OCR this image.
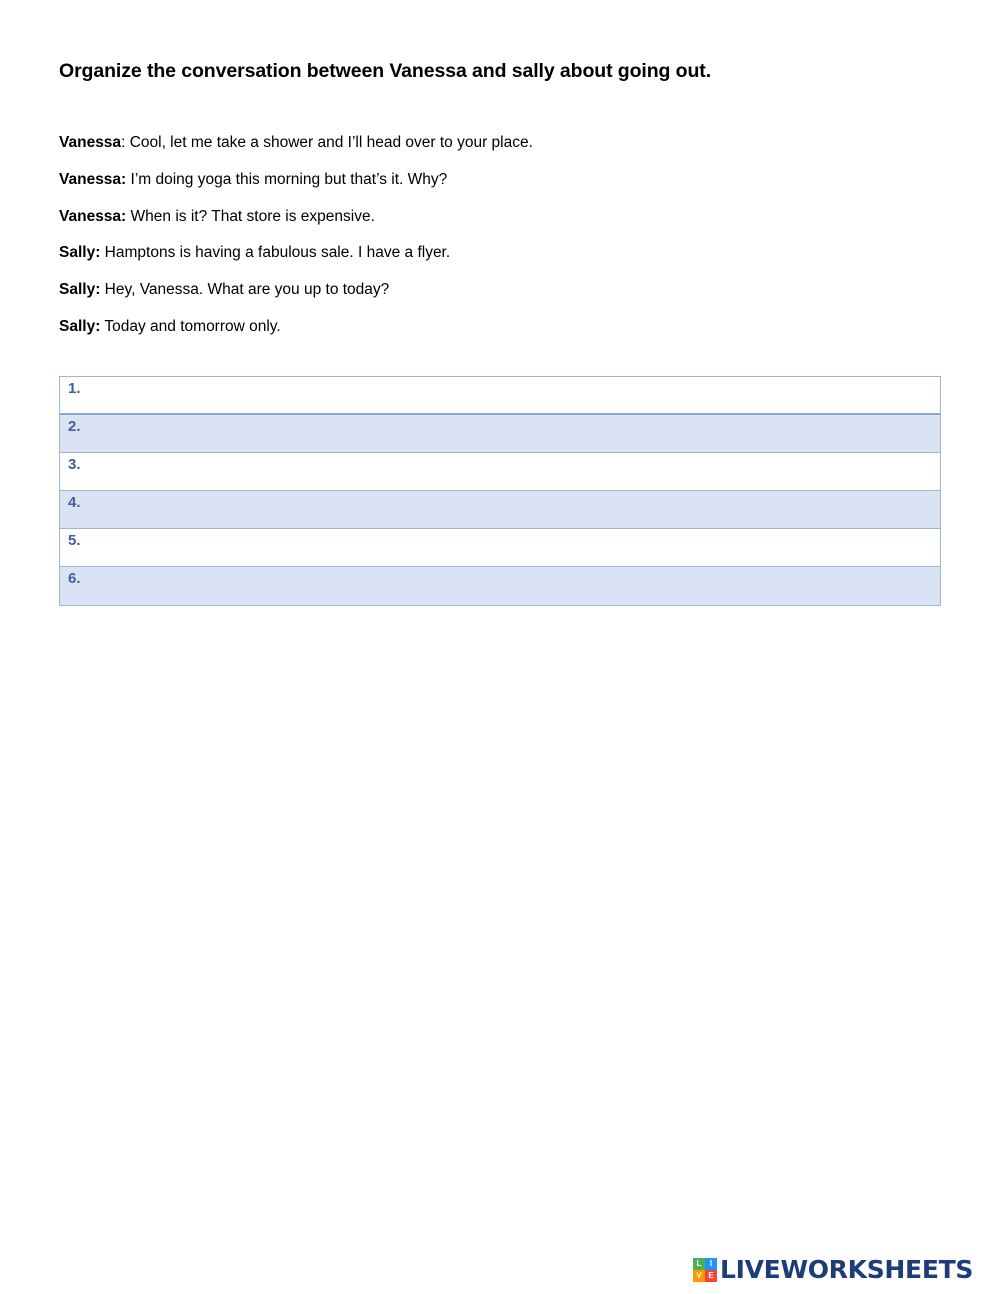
Organize the conversation between Vanessa and sally about going out.
Vanessa: Cool, let me take a shower and I’ll head over to your place.
Vanessa: I’m doing yoga this morning but that’s it. Why?
Vanessa: When is it? That store is expensive.
Sally: Hamptons is having a fabulous sale. I have a flyer.
Sally: Hey, Vanessa. What are you up to today?
Sally: Today and tomorrow only.
1.
2.
3.
4.
5.
6.
L	I
V E LIVEWORKSHEETS
